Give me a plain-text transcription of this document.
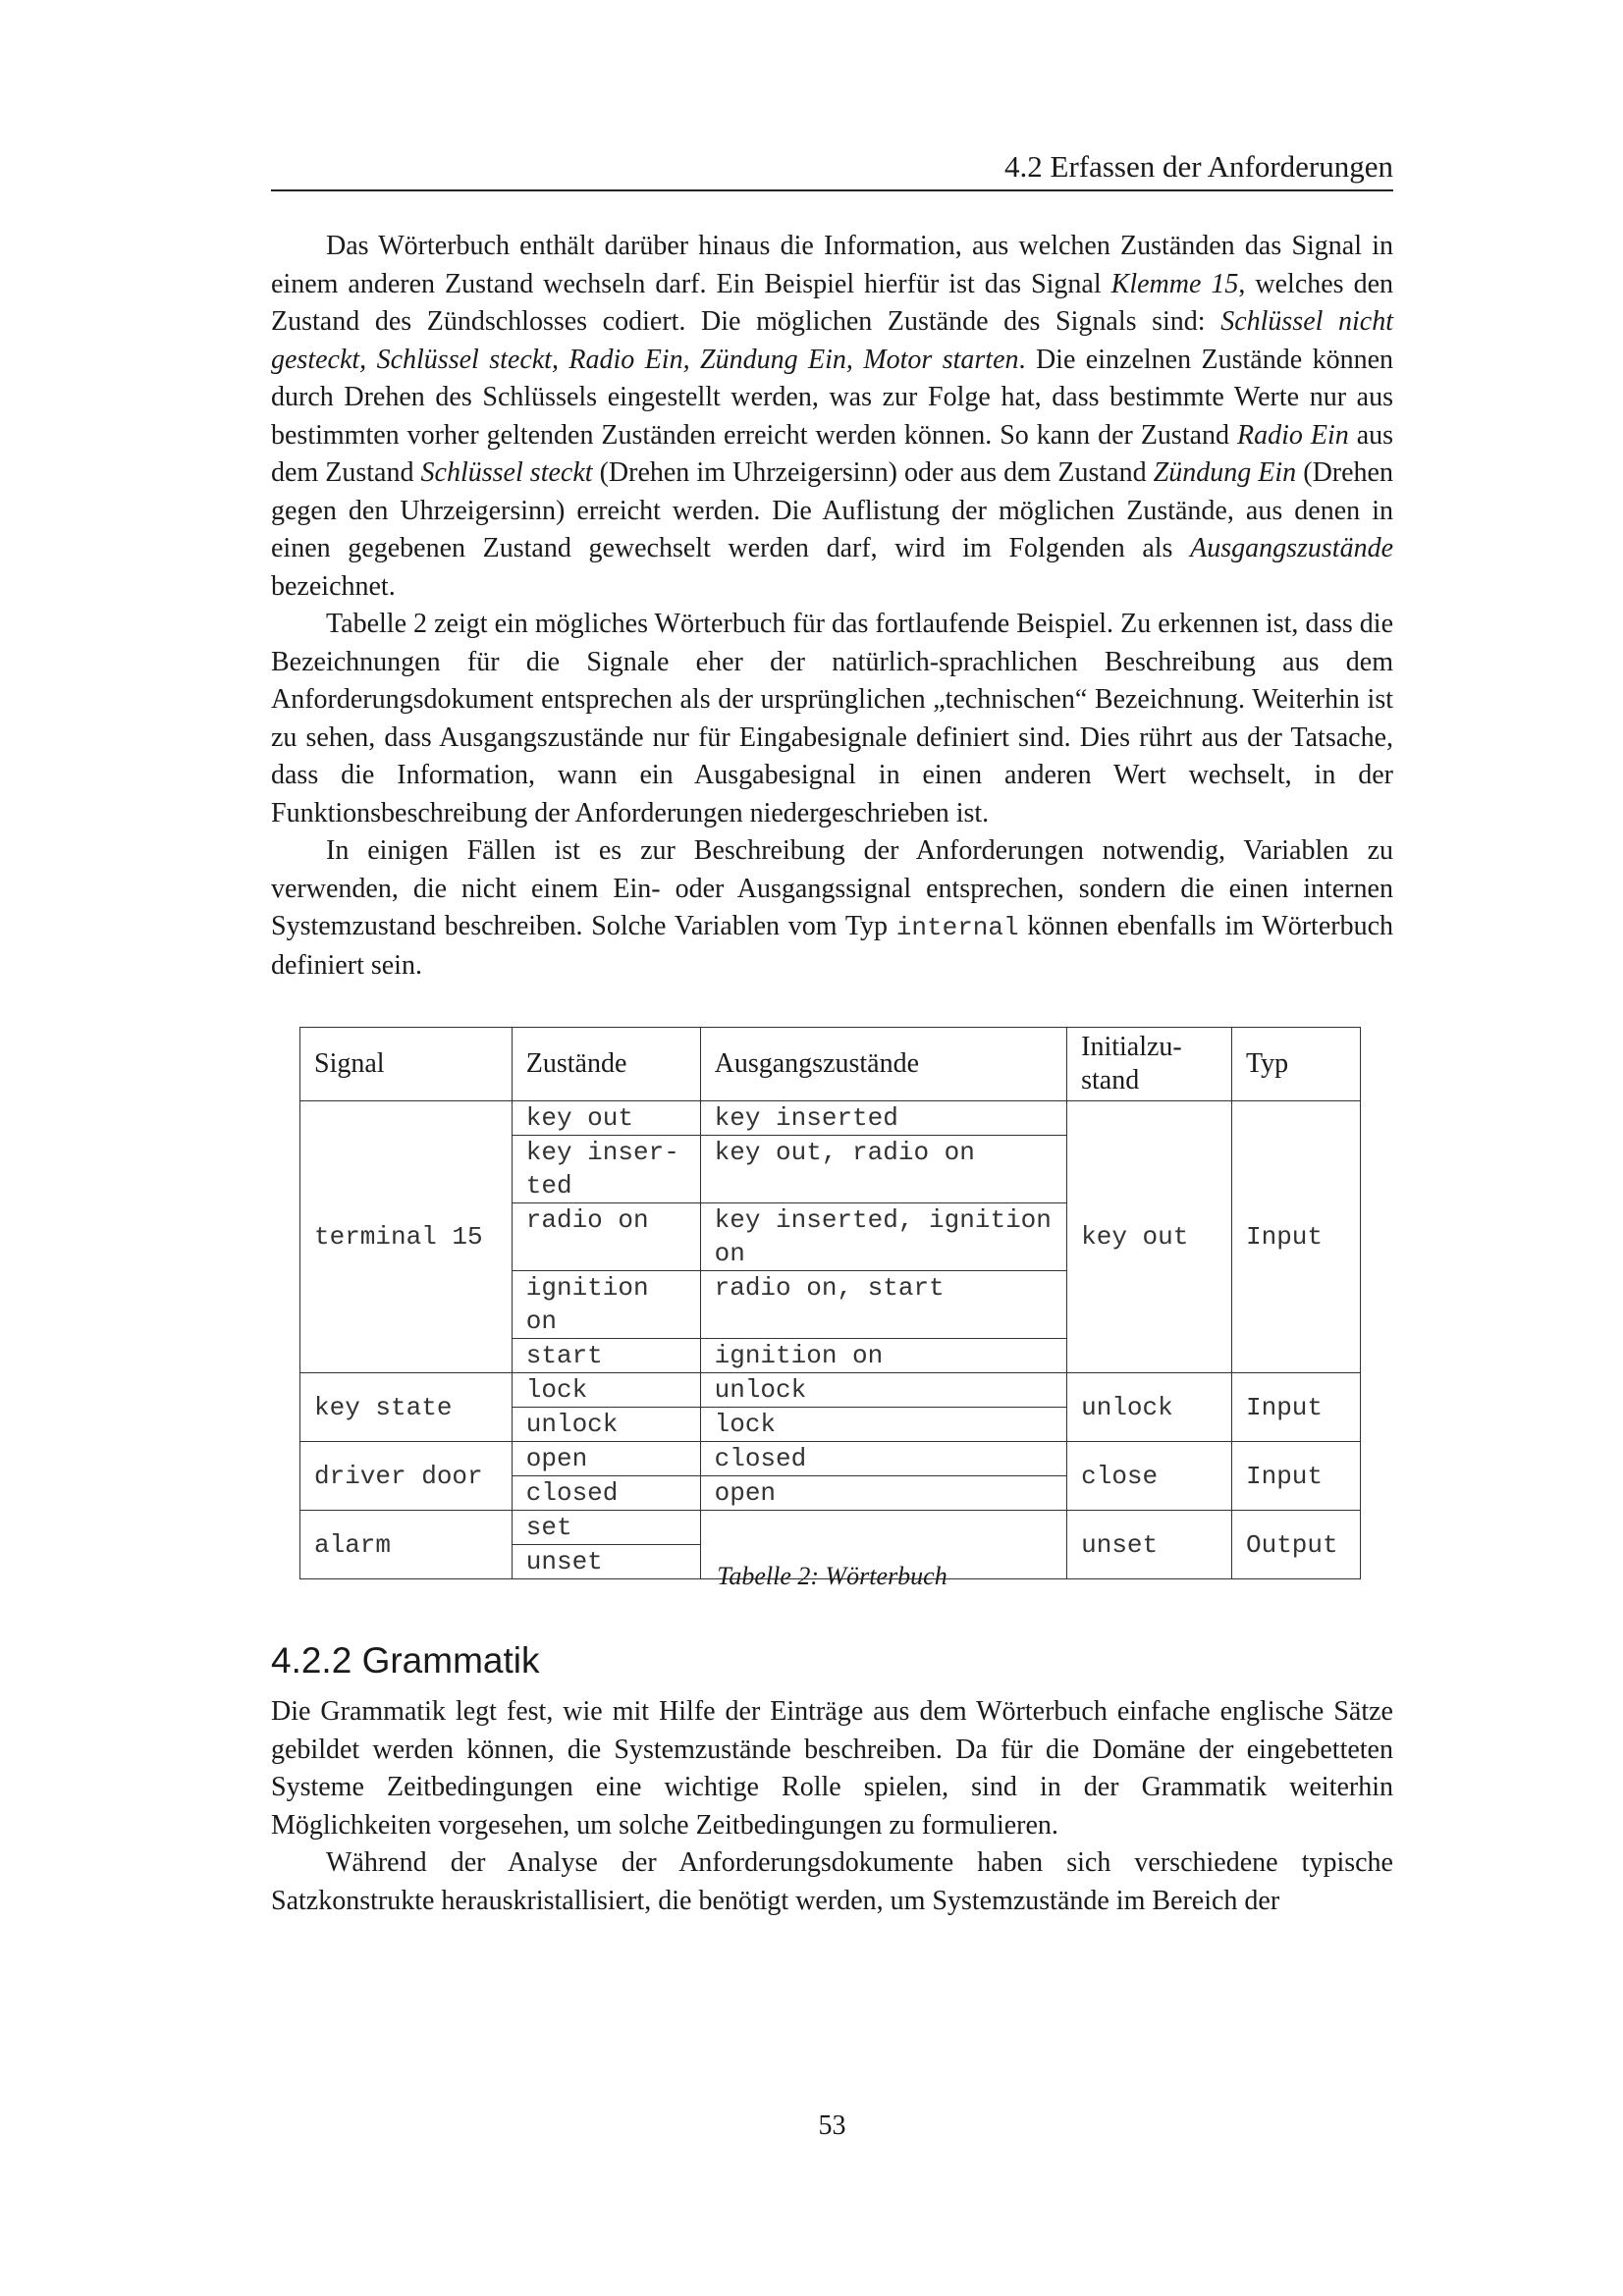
4.2 Erfassen der Anforderungen

Das Wörterbuch enthält darüber hinaus die Information, aus welchen Zuständen das Signal in einem anderen Zustand wechseln darf. Ein Beispiel hierfür ist das Signal Klemme 15, welches den Zustand des Zündschlosses codiert. Die möglichen Zustände des Signals sind: Schlüssel nicht gesteckt, Schlüssel steckt, Radio Ein, Zündung Ein, Motor starten. Die einzelnen Zustände können durch Drehen des Schlüssels eingestellt werden, was zur Folge hat, dass bestimmte Werte nur aus bestimmten vorher geltenden Zuständen erreicht werden können. So kann der Zustand Radio Ein aus dem Zustand Schlüssel steckt (Drehen im Uhrzeigersinn) oder aus dem Zustand Zündung Ein (Drehen gegen den Uhrzeigersinn) erreicht werden. Die Auflistung der möglichen Zustände, aus denen in einen gegebenen Zustand gewechselt werden darf, wird im Folgenden als Ausgangszustände bezeichnet.

Tabelle 2 zeigt ein mögliches Wörterbuch für das fortlaufende Beispiel. Zu erkennen ist, dass die Bezeichnungen für die Signale eher der natürlich-sprachlichen Beschreibung aus dem Anforderungsdokument entsprechen als der ursprünglichen „technischen“ Bezeichnung. Weiterhin ist zu sehen, dass Ausgangszustände nur für Eingabesignale definiert sind. Dies rührt aus der Tatsache, dass die Information, wann ein Ausgabesignal in einen anderen Wert wechselt, in der Funktionsbeschreibung der Anforderungen niedergeschrieben ist.

In einigen Fällen ist es zur Beschreibung der Anforderungen notwendig, Variablen zu verwenden, die nicht einem Ein- oder Ausgangssignal entsprechen, sondern die einen internen Systemzustand beschreiben. Solche Variablen vom Typ internal können ebenfalls im Wörterbuch definiert sein.

Signal	Zustände	Ausgangszustände	Initialzustand	Typ
terminal 15	key out	key inserted	key out	Input
	key inserted	key out, radio on		
	radio on	key inserted, ignition on		
	ignition on	radio on, start		
	start	ignition on		
key state	lock	unlock	unlock	Input
	unlock	lock		
driver door	open	closed	close	Input
	closed	open		
alarm	set		unset	Output
	unset				Tabelle 2: Wörterbuch
4.2.2 Grammatik

Die Grammatik legt fest, wie mit Hilfe der Einträge aus dem Wörterbuch einfache englische Sätze gebildet werden können, die Systemzustände beschreiben. Da für die Domäne der eingebetteten Systeme Zeitbedingungen eine wichtige Rolle spielen, sind in der Grammatik weiterhin Möglichkeiten vorgesehen, um solche Zeitbedingungen zu formulieren.

Während der Analyse der Anforderungsdokumente haben sich verschiedene typische Satzkonstrukte herauskristallisiert, die benötigt werden, um Systemzustände im Bereich der

53
